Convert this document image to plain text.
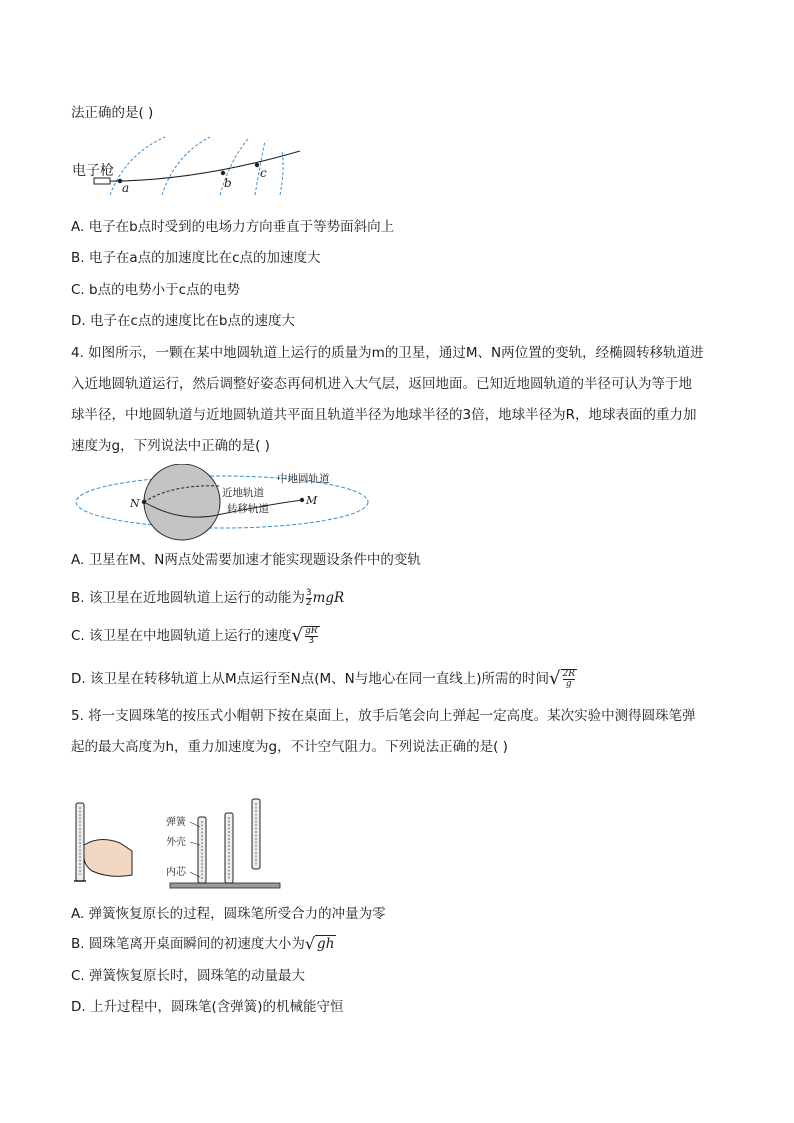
法正确的是( )
电子枪
a	b
c
A. 电子在b点时受到的电场力方向垂直于等势面斜向上
B. 电子在a点的加速度比在c点的加速度大
C. b点的电势小于c点的电势
D. 电子在c点的速度比在b点的速度大
4. 如图所示，一颗在某中地圆轨道上运行的质量为m的卫星，通过M、N两位置的变轨，经椭圆转移轨道进
入近地圆轨道运行，然后调整好姿态再伺机进入大气层，返回地面。已知近地圆轨道的半径可认为等于地
球半径，中地圆轨道与近地圆轨道共平面且轨道半径为地球半径的3倍，地球半径为R，地球表面的重力加
速度为g，下列说法中正确的是( )
N	M
中地圆轨道
近地轨道
转移轨道
A. 卫星在M、N两点处需要加速才能实现题设条件中的变轨
B. 该卫星在近地圆轨道上运行的动能为 $\frac{3}{2}$ mgR
C. 该卫星在中地圆轨道上运行的速度√ $\frac{gR}{3}$
D. 该卫星在转移轨道上从M点运行至N点(M、N与地心在同一直线上)所需的时间√ $\frac{2R}{g}$
5. 将一支圆珠笔的按压式小帽朝下按在桌面上，放手后笔会向上弹起一定高度。某次实验中测得圆珠笔弹
起的最大高度为h，重力加速度为g，不计空气阻力。下列说法正确的是( )
弹簧
外壳
内芯
A. 弹簧恢复原长的过程，圆珠笔所受合力的冲量为零
B. 圆珠笔离开桌面瞬间的初速度大小为√ gh
C. 弹簧恢复原长时，圆珠笔的动量最大
D. 上升过程中，圆珠笔(含弹簧)的机械能守恒
